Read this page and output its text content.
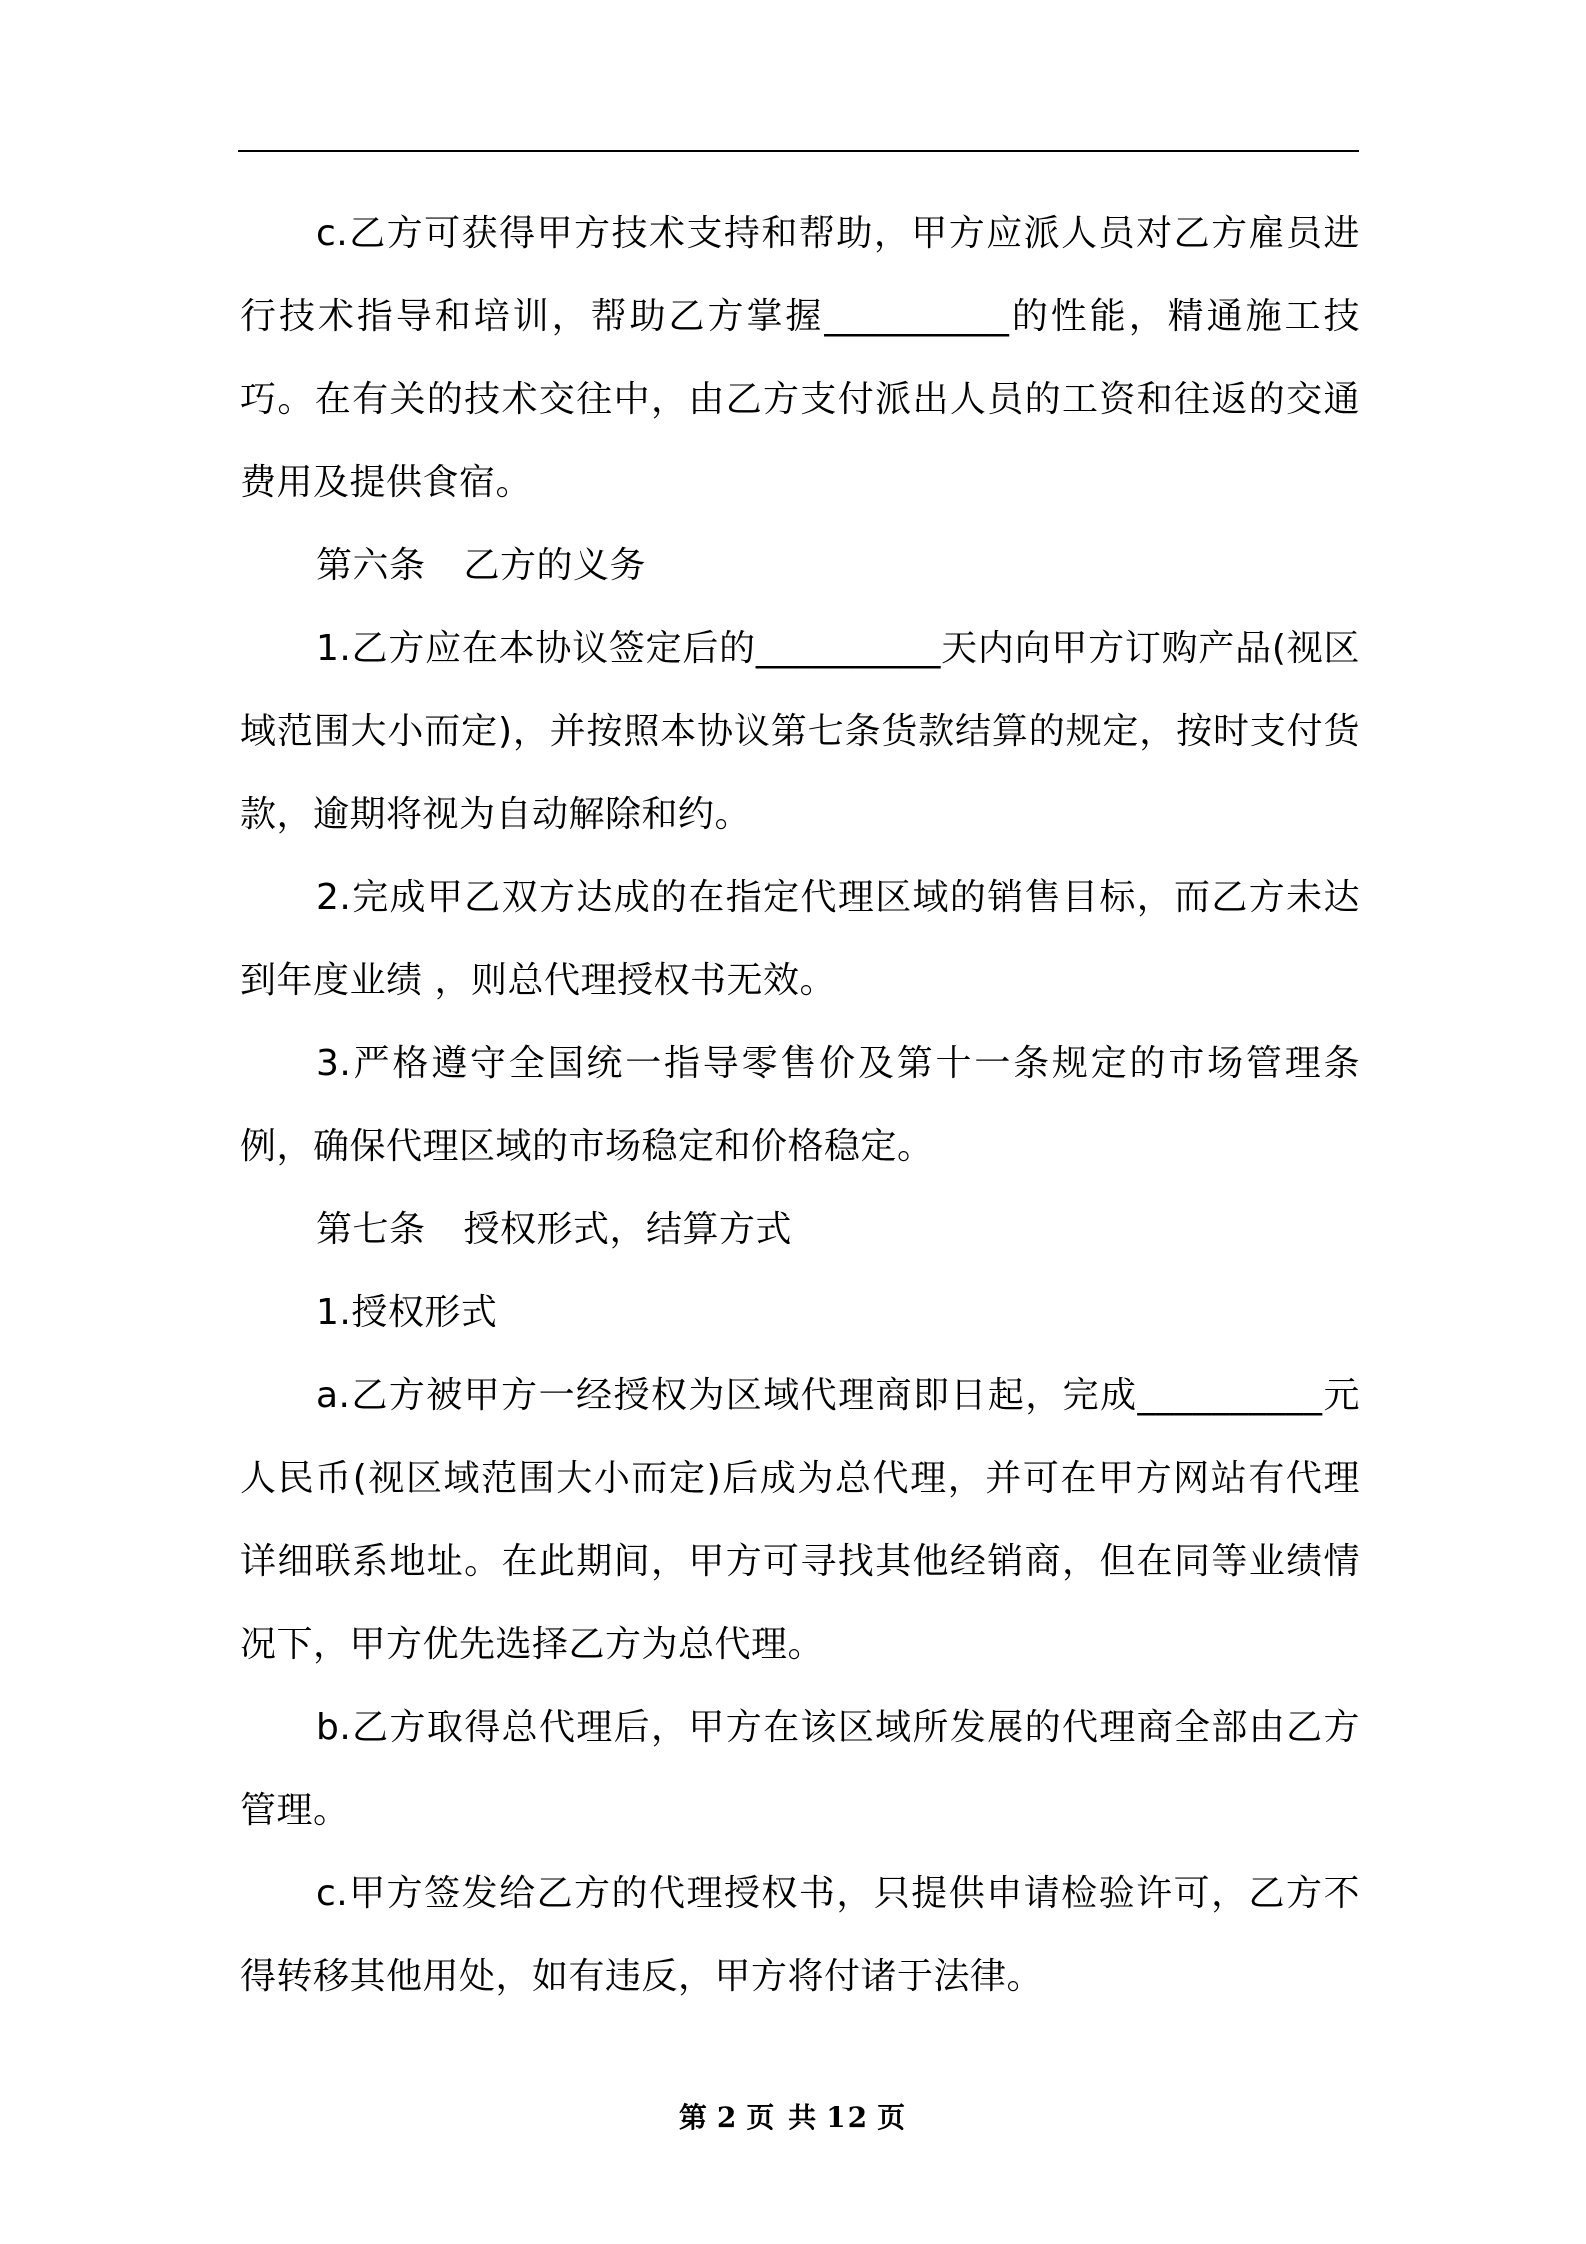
c.乙方可获得甲方技术支持和帮助，甲方应派人员对乙方雇员进行技术指导和培训，帮助乙方掌握__________的性能，精通施工技巧。在有关的技术交往中，由乙方支付派出人员的工资和往返的交通费用及提供食宿。

第六条 乙方的义务

1.乙方应在本协议签定后的__________天内向甲方订购产品(视区域范围大小而定)，并按照本协议第七条货款结算的规定，按时支付货款，逾期将视为自动解除和约。

2.完成甲乙双方达成的在指定代理区域的销售目标，而乙方未达到年度业绩 ，则总代理授权书无效。

3.严格遵守全国统一指导零售价及第十一条规定的市场管理条例，确保代理区域的市场稳定和价格稳定。

第七条 授权形式，结算方式

1.授权形式

a.乙方被甲方一经授权为区域代理商即日起，完成__________元人民币(视区域范围大小而定)后成为总代理，并可在甲方网站有代理详细联系地址。在此期间，甲方可寻找其他经销商，但在同等业绩情况下，甲方优先选择乙方为总代理。

b.乙方取得总代理后，甲方在该区域所发展的代理商全部由乙方管理。

c.甲方签发给乙方的代理授权书，只提供申请检验许可，乙方不得转移其他用处，如有违反，甲方将付诸于法律。

第 2 页 共 12 页
